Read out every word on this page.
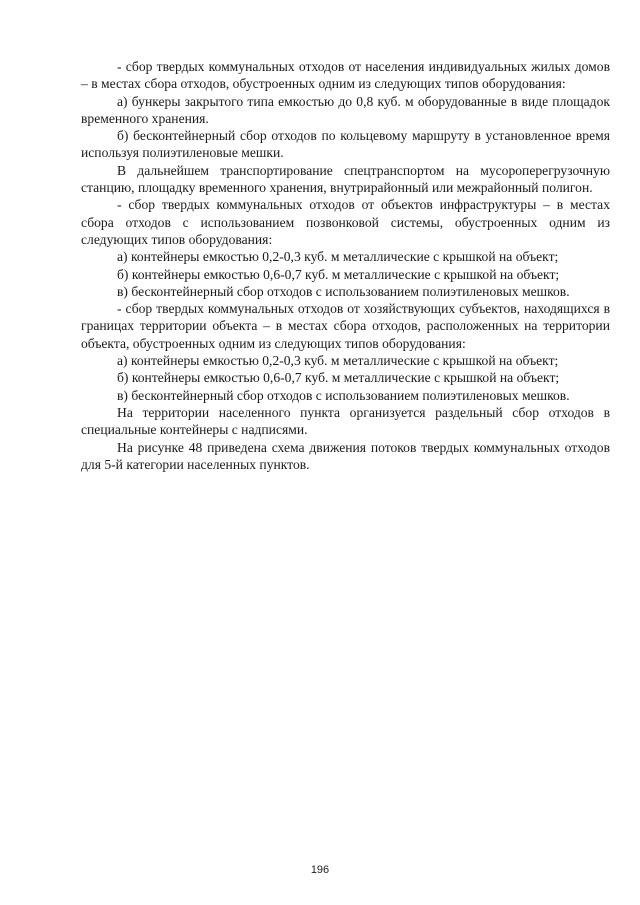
- сбор твердых коммунальных отходов от населения индивидуальных жилых домов – в местах сбора отходов, обустроенных одним из следующих типов оборудования:

а) бункеры закрытого типа емкостью до 0,8 куб. м оборудованные в виде площадок временного хранения.

б) бесконтейнерный сбор отходов по кольцевому маршруту в установленное время используя полиэтиленовые мешки.

В дальнейшем транспортирование спецтранспортом на мусороперегрузочную станцию, площадку временного хранения, внутрирайонный или межрайонный полигон.

- сбор твердых коммунальных отходов от объектов инфраструктуры – в местах сбора отходов с использованием позвонковой системы, обустроенных одним из следующих типов оборудования:

а) контейнеры емкостью 0,2-0,3 куб. м металлические с крышкой на объект;

б) контейнеры емкостью 0,6-0,7 куб. м металлические с крышкой на объект;

в) бесконтейнерный сбор отходов с использованием полиэтиленовых мешков.

- сбор твердых коммунальных отходов от хозяйствующих субъектов, находящихся в границах территории объекта – в местах сбора отходов, расположенных на территории объекта, обустроенных одним из следующих типов оборудования:

а) контейнеры емкостью 0,2-0,3 куб. м металлические с крышкой на объект;

б) контейнеры емкостью 0,6-0,7 куб. м металлические с крышкой на объект;

в) бесконтейнерный сбор отходов с использованием полиэтиленовых мешков.

На территории населенного пункта организуется раздельный сбор отходов в специальные контейнеры с надписями.

На рисунке 48 приведена схема движения потоков твердых коммунальных отходов для 5-й категории населенных пунктов.

196
